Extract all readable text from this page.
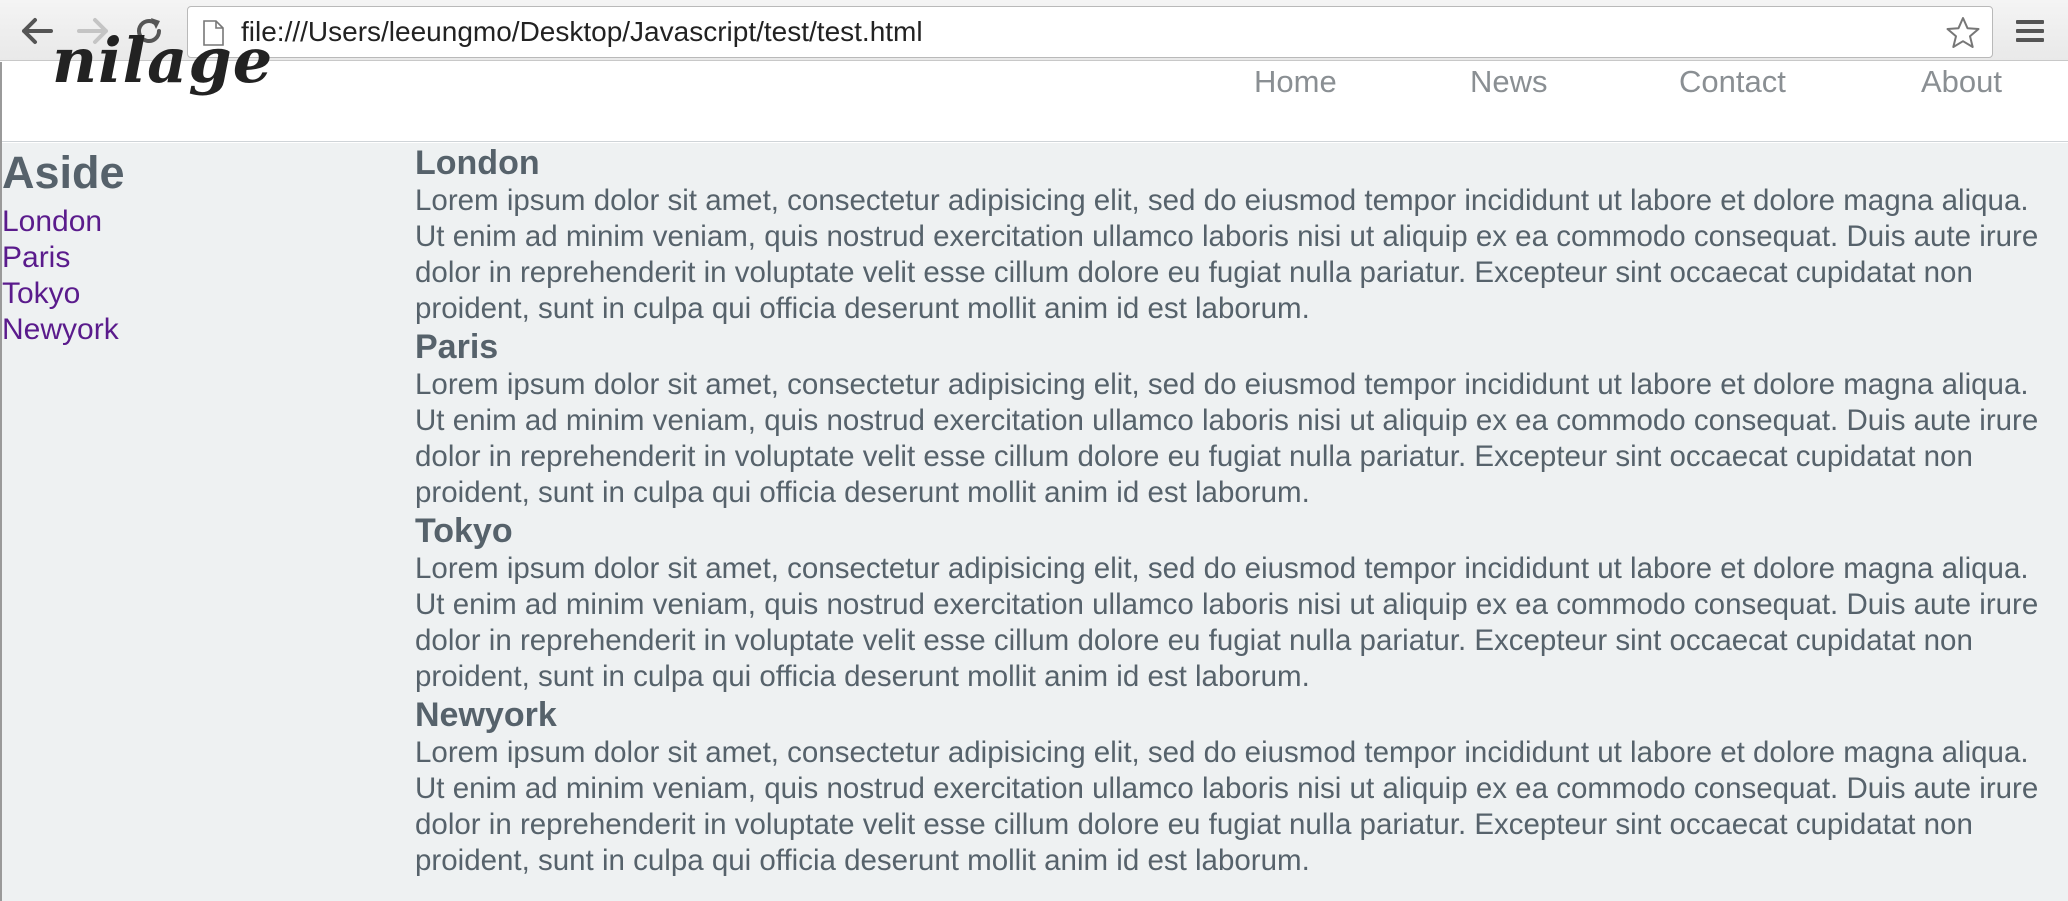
file:///Users/leeungmo/Desktop/Javascript/test/test.html
nilage	Home	News	Contact	About
Aside
London
Paris
Tokyo
Newyork
London

Lorem ipsum dolor sit amet, consectetur adipisicing elit, sed do eiusmod tempor incididunt ut labore et dolore magna aliqua. Ut enim ad minim veniam, quis nostrud exercitation ullamco laboris nisi ut aliquip ex ea commodo consequat. Duis aute irure dolor in reprehenderit in voluptate velit esse cillum dolore eu fugiat nulla pariatur. Excepteur sint occaecat cupidatat non proident, sunt in culpa qui officia deserunt mollit anim id est laborum.

Paris

Lorem ipsum dolor sit amet, consectetur adipisicing elit, sed do eiusmod tempor incididunt ut labore et dolore magna aliqua. Ut enim ad minim veniam, quis nostrud exercitation ullamco laboris nisi ut aliquip ex ea commodo consequat. Duis aute irure dolor in reprehenderit in voluptate velit esse cillum dolore eu fugiat nulla pariatur. Excepteur sint occaecat cupidatat non proident, sunt in culpa qui officia deserunt mollit anim id est laborum.

Tokyo

Lorem ipsum dolor sit amet, consectetur adipisicing elit, sed do eiusmod tempor incididunt ut labore et dolore magna aliqua. Ut enim ad minim veniam, quis nostrud exercitation ullamco laboris nisi ut aliquip ex ea commodo consequat. Duis aute irure dolor in reprehenderit in voluptate velit esse cillum dolore eu fugiat nulla pariatur. Excepteur sint occaecat cupidatat non proident, sunt in culpa qui officia deserunt mollit anim id est laborum.

Newyork

Lorem ipsum dolor sit amet, consectetur adipisicing elit, sed do eiusmod tempor incididunt ut labore et dolore magna aliqua. Ut enim ad minim veniam, quis nostrud exercitation ullamco laboris nisi ut aliquip ex ea commodo consequat. Duis aute irure dolor in reprehenderit in voluptate velit esse cillum dolore eu fugiat nulla pariatur. Excepteur sint occaecat cupidatat non proident, sunt in culpa qui officia deserunt mollit anim id est laborum.
